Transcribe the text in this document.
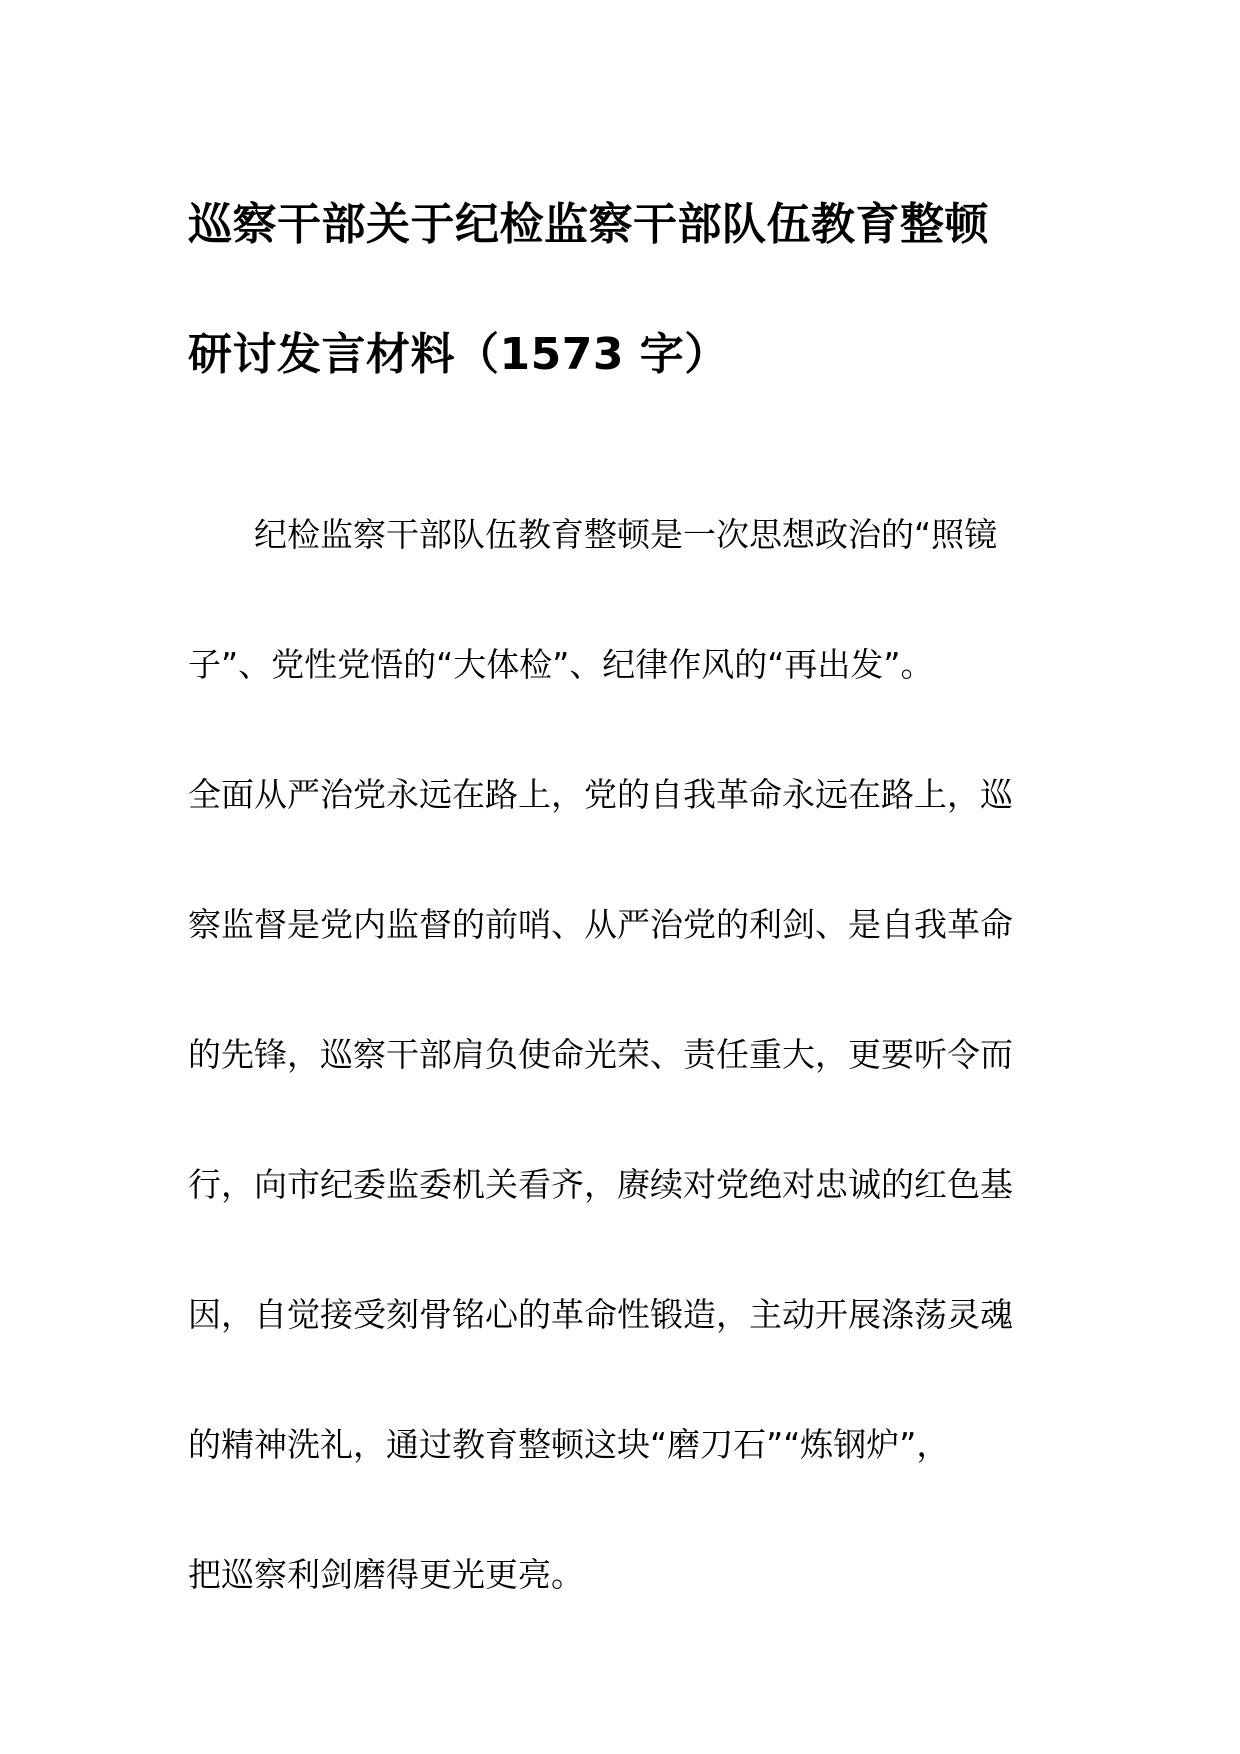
巡察干部关于纪检监察干部队伍教育整顿
研讨发言材料（1573 字）
纪检监察干部队伍教育整顿是一次思想政治的“照镜
子”、党性党悟的“大体检”、纪律作风的“再出发”。
全面从严治党永远在路上，党的自我革命永远在路上，巡
察监督是党内监督的前哨、从严治党的利剑、是自我革命
的先锋，巡察干部肩负使命光荣、责任重大，更要听令而
行，向市纪委监委机关看齐，赓续对党绝对忠诚的红色基
因，自觉接受刻骨铭心的革命性锻造，主动开展涤荡灵魂
的精神洗礼，通过教育整顿这块“磨刀石”“炼钢炉”，
把巡察利剑磨得更光更亮。
